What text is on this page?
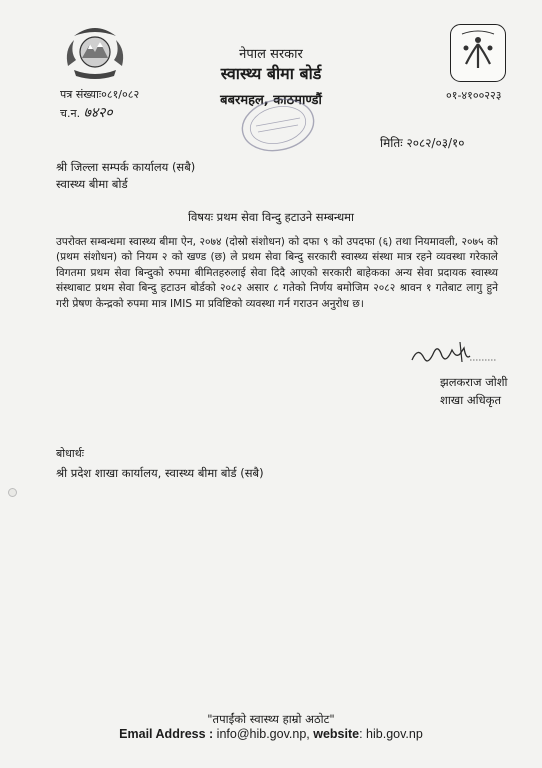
नेपाल सरकार
स्वास्थ्य बीमा बोर्ड
बबरमहल, काठमाण्डौं
पत्र संख्याः०८१/०८२
च.न. ७४२०
०१-४१००२२३
मितिः २०८२/०३/१०
श्री जिल्ला सम्पर्क कार्यालय (सबै)
स्वास्थ्य बीमा बोर्ड
विषयः प्रथम सेवा विन्दु हटाउने सम्बन्धमा
उपरोक्त सम्बन्धमा स्वास्थ्य बीमा ऐन, २०७४ (दोस्रो संशोधन) को दफा ९ को उपदफा (६) तथा नियमावली, २०७५ को (प्रथम संशोधन) को नियम २ को खण्ड (छ) ले प्रथम सेवा बिन्दु सरकारी स्वास्थ्य संस्था मात्र रहने व्यवस्था गरेकाले विगतमा प्रथम सेवा बिन्दुको रुपमा बीमितहरुलाई सेवा दिदै आएको सरकारी बाहेकका अन्य सेवा प्रदायक स्वास्थ्य संस्थाबाट प्रथम सेवा बिन्दु हटाउन बोर्डको २०८२ असार ८ गतेको निर्णय बमोजिम २०८२ श्रावन १ गतेबाट लागु हुने गरी प्रेषण केन्द्रको रुपमा मात्र IMIS मा प्रविष्टिको व्यवस्था गर्न गराउन अनुरोध छ।
झलकराज जोशी
शाखा अधिकृत
बोधार्थः
श्री प्रदेश शाखा कार्यालय, स्वास्थ्य बीमा बोर्ड (सबै)
"तपाईंको स्वास्थ्य हाम्रो अठोट"
Email Address : info@hib.gov.np, website: hib.gov.np
